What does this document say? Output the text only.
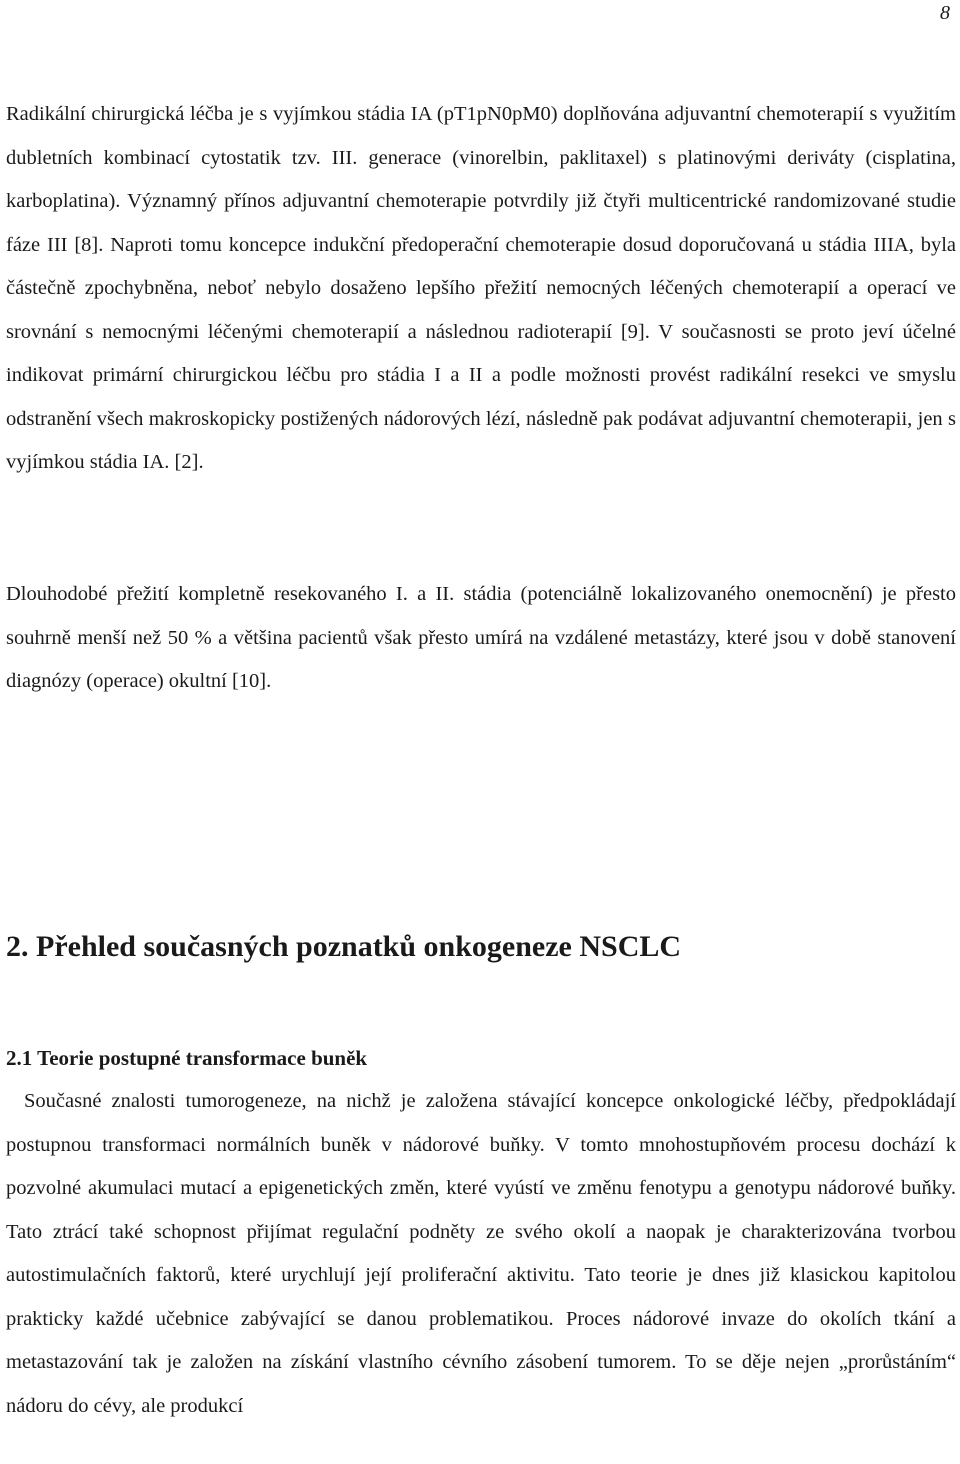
8

Radikální chirurgická léčba je s vyjímkou stádia IA (pT1pN0pM0) doplňována adjuvantní chemoterapií s využitím dubletních kombinací cytostatik tzv. III. generace (vinorelbin, paklitaxel) s platinovými deriváty (cisplatina, karboplatina). Významný přínos adjuvantní chemoterapie potvrdily již čtyři multicentrické randomizované studie fáze III [8]. Naproti tomu koncepce indukční předoperační chemoterapie dosud doporučovaná u stádia IIIA, byla částečně zpochybněna, neboť nebylo dosaženo lepšího přežití nemocných léčených chemoterapií a operací ve srovnání s nemocnými léčenými chemoterapií a následnou radioterapií [9]. V současnosti se proto jeví účelné indikovat primární chirurgickou léčbu pro stádia I a II a podle možnosti provést radikální resekci ve smyslu odstranění všech makroskopicky postižených nádorových lézí, následně pak podávat adjuvantní chemoterapii, jen s vyjímkou stádia IA. [2].

Dlouhodobé přežití kompletně resekovaného I. a II. stádia (potenciálně lokalizovaného onemocnění) je přesto souhrně menší než 50 % a většina pacientů však přesto umírá na vzdálené metastázy, které jsou v době stanovení diagnózy (operace) okultní [10].

2. Přehled současných poznatků onkogeneze NSCLC
2.1 Teorie postupné transformace buněk

Současné znalosti tumorogeneze, na nichž je založena stávající koncepce onkologické léčby, předpokládají postupnou transformaci normálních buněk v nádorové buňky. V tomto mnohostupňovém procesu dochází k pozvolné akumulaci mutací a epigenetických změn, které vyústí ve změnu fenotypu a genotypu nádorové buňky. Tato ztrácí také schopnost přijímat regulační podněty ze svého okolí a naopak je charakterizována tvorbou autostimulačních faktorů, které urychlují její proliferační aktivitu. Tato teorie je dnes již klasickou kapitolou prakticky každé učebnice zabývající se danou problematikou. Proces nádorové invaze do okolích tkání a metastazování tak je založen na získání vlastního cévního zásobení tumorem. To se děje nejen „prorůstáním“ nádoru do cévy, ale produkcí
